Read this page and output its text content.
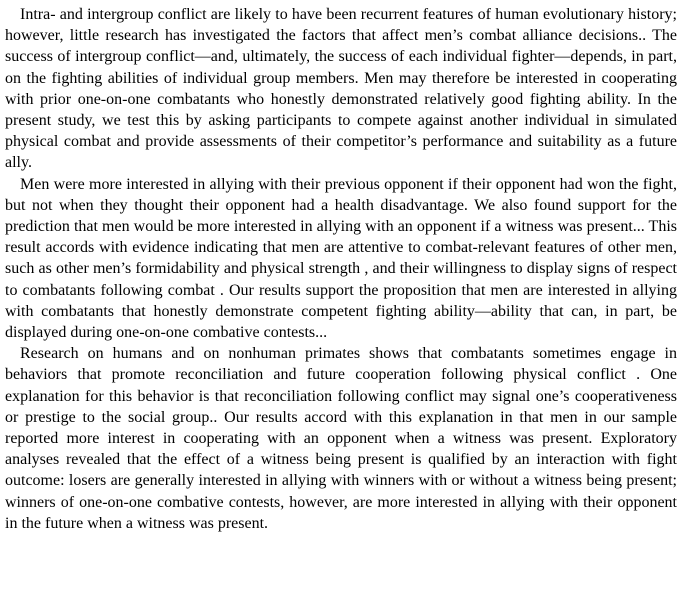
Intra- and intergroup conflict are likely to have been recurrent features of human evolutionary history; however, little research has investigated the factors that affect men’s combat alliance decisions.. The success of intergroup conflict—and, ultimately, the success of each individual fighter—depends, in part, on the fighting abilities of individual group members. Men may therefore be interested in cooperating with prior one-on-one combatants who honestly demonstrated relatively good fighting ability. In the present study, we test this by asking participants to compete against another individual in simulated physical combat and provide assessments of their competitor’s performance and suitability as a future ally.

Men were more interested in allying with their previous opponent if their opponent had won the fight, but not when they thought their opponent had a health disadvantage. We also found support for the prediction that men would be more interested in allying with an opponent if a witness was present... This result accords with evidence indicating that men are attentive to combat-relevant features of other men, such as other men’s formidability and physical strength , and their willingness to display signs of respect to combatants following combat . Our results support the proposition that men are interested in allying with combatants that honestly demonstrate competent fighting ability—ability that can, in part, be displayed during one-on-one combative contests...

Research on humans and on nonhuman primates shows that combatants sometimes engage in behaviors that promote reconciliation and future cooperation following physical conflict . One explanation for this behavior is that reconciliation following conflict may signal one’s cooperativeness or prestige to the social group.. Our results accord with this explanation in that men in our sample reported more interest in cooperating with an opponent when a witness was present. Exploratory analyses revealed that the effect of a witness being present is qualified by an interaction with fight outcome: losers are generally interested in allying with winners with or without a witness being present; winners of one-on-one combative contests, however, are more interested in allying with their opponent in the future when a witness was present.
